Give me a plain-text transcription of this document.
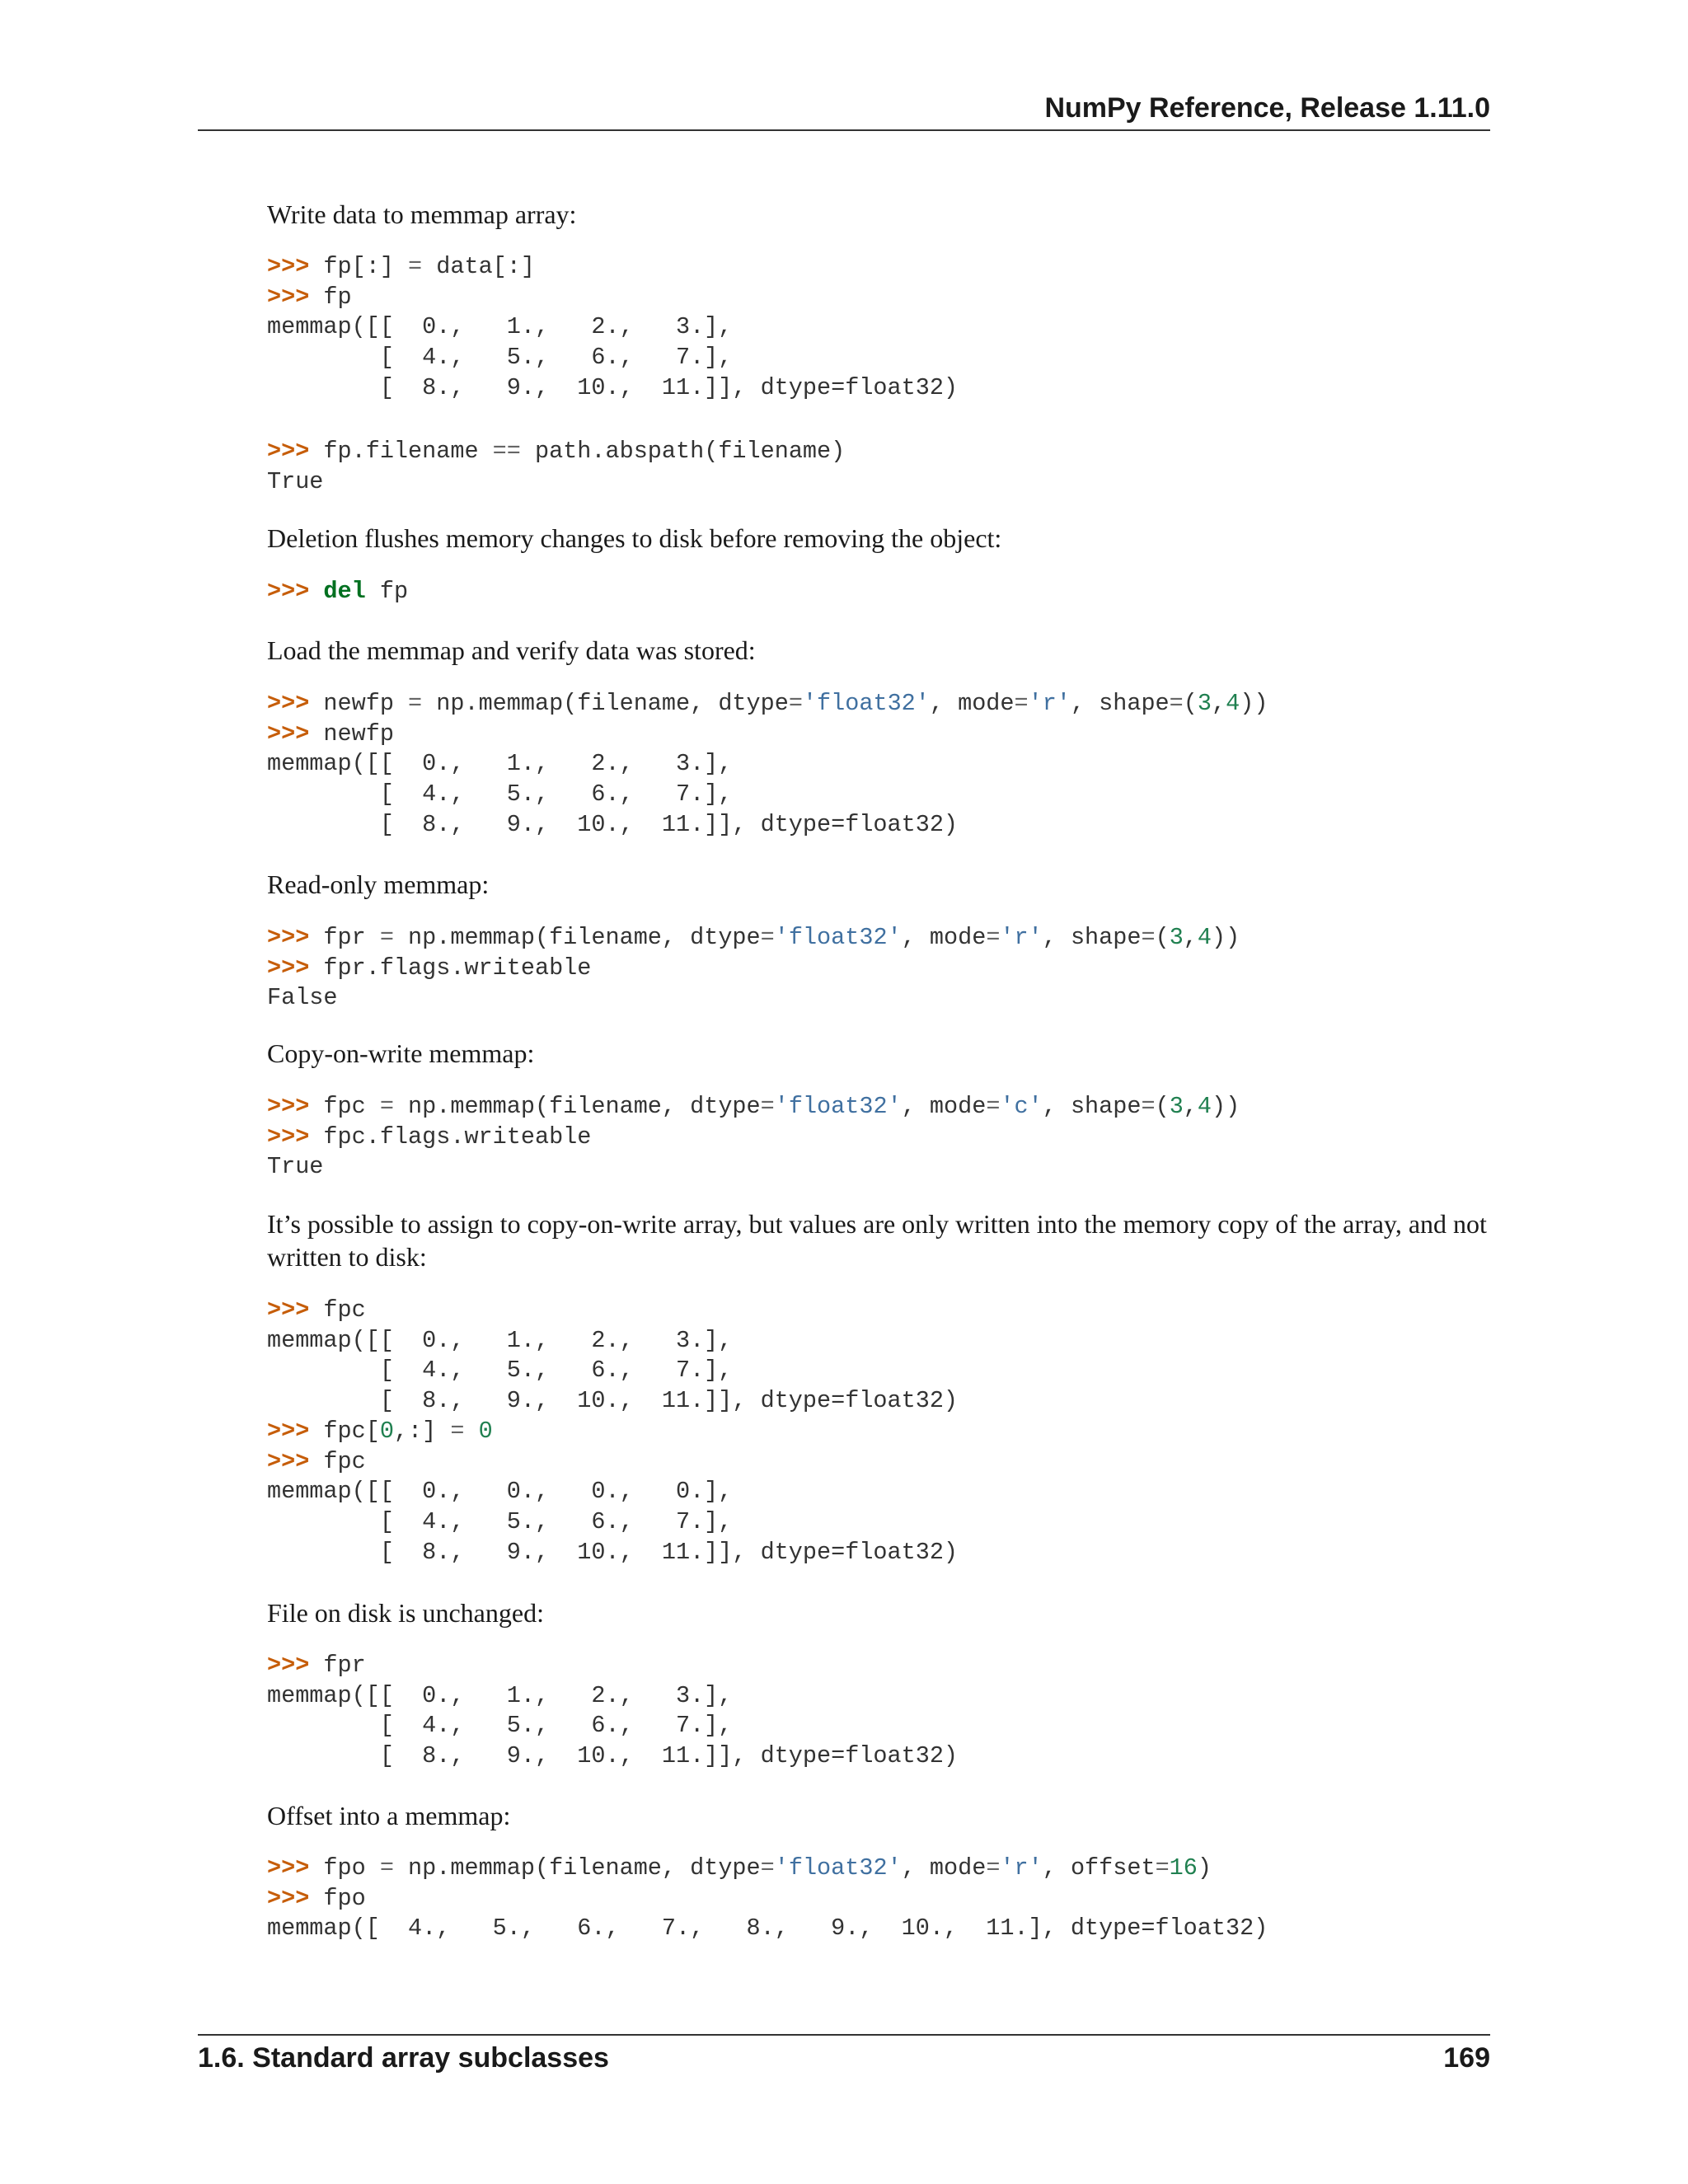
NumPy Reference, Release 1.11.0

Write data to memmap array:

>>> fp[:] = data[:]
>>> fp
memmap([[  0.,   1.,   2.,   3.],
[  4.,   5.,   6.,   7.],
[  8.,   9.,  10.,  11.]], dtype=float32)
>>> fp.filename == path.abspath(filename)
True

Deletion flushes memory changes to disk before removing the object:

>>> del fp

Load the memmap and verify data was stored:

>>> newfp = np.memmap(filename, dtype='float32', mode='r', shape=(3,4))
>>> newfp
memmap([[  0.,   1.,   2.,   3.],
[  4.,   5.,   6.,   7.],
[  8.,   9.,  10.,  11.]], dtype=float32)

Read-only memmap:

>>> fpr = np.memmap(filename, dtype='float32', mode='r', shape=(3,4))
>>> fpr.flags.writeable
False

Copy-on-write memmap:

>>> fpc = np.memmap(filename, dtype='float32', mode='c', shape=(3,4))
>>> fpc.flags.writeable
True

It’s possible to assign to copy-on-write array, but values are only written into the memory copy of the array, and not written to disk:

>>> fpc
memmap([[  0.,   1.,   2.,   3.],
[  4.,   5.,   6.,   7.],
[  8.,   9.,  10.,  11.]], dtype=float32)
>>> fpc[0,:] = 0
>>> fpc
memmap([[  0.,   0.,   0.,   0.],
[  4.,   5.,   6.,   7.],
[  8.,   9.,  10.,  11.]], dtype=float32)

File on disk is unchanged:

>>> fpr
memmap([[  0.,   1.,   2.,   3.],
[  4.,   5.,   6.,   7.],
[  8.,   9.,  10.,  11.]], dtype=float32)

Offset into a memmap:

>>> fpo = np.memmap(filename, dtype='float32', mode='r', offset=16)
>>> fpo
memmap([  4.,   5.,   6.,   7.,   8.,   9.,  10.,  11.], dtype=float32)
1.6. Standard array subclasses	169
